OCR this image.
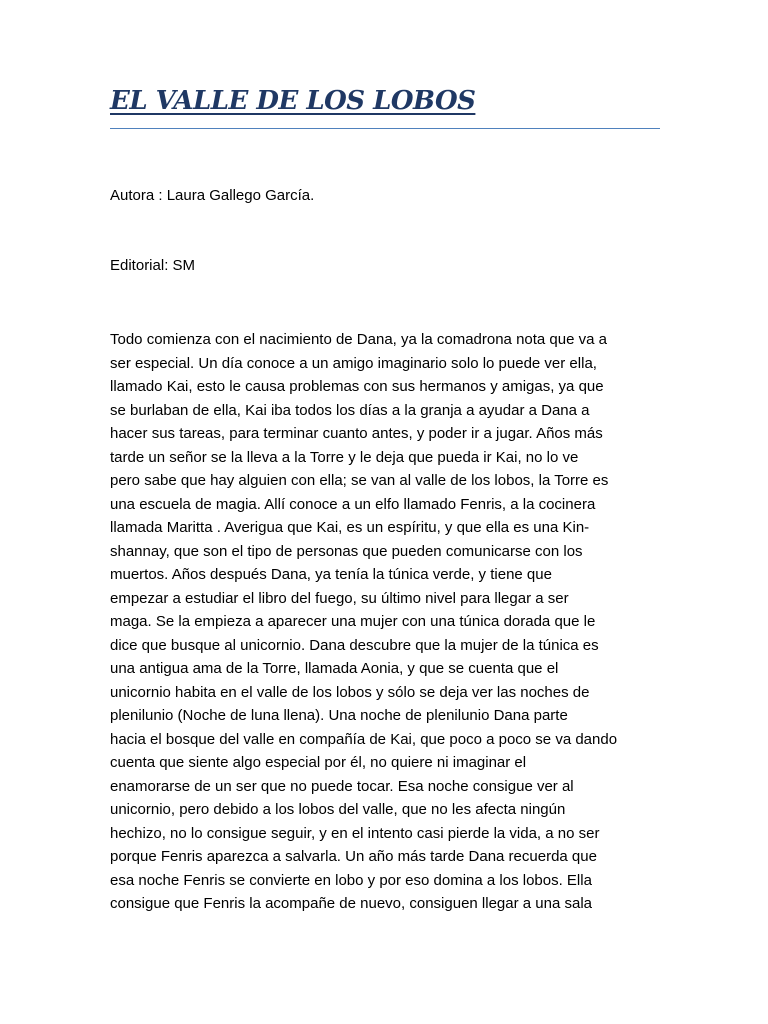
EL VALLE DE LOS LOBOS

Autora : Laura Gallego García.

Editorial: SM

Todo comienza con el nacimiento de Dana, ya la comadrona nota que va a
ser especial. Un día conoce a un amigo imaginario solo lo puede ver ella,
llamado Kai, esto le causa problemas con sus hermanos y amigas, ya que
se burlaban de ella, Kai iba todos los días a la granja a ayudar a Dana a
hacer sus tareas, para terminar cuanto antes, y poder ir a jugar. Años más
tarde un señor se la lleva a la Torre y le deja que pueda ir Kai, no lo ve
pero sabe que hay alguien con ella; se van al valle de los lobos, la Torre es
una escuela de magia. Allí conoce a un elfo llamado Fenris, a la cocinera
llamada Maritta . Averigua que Kai, es un espíritu, y que ella es una Kin-
shannay, que son el tipo de personas que pueden comunicarse con los
muertos. Años después Dana, ya tenía la túnica verde, y tiene que
empezar a estudiar el libro del fuego, su último nivel para llegar a ser
maga. Se la empieza a aparecer una mujer con una túnica dorada que le
dice que busque al unicornio. Dana descubre que la mujer de la túnica es
una antigua ama de la Torre, llamada Aonia, y que se cuenta que el
unicornio habita en el valle de los lobos y sólo se deja ver las noches de
plenilunio (Noche de luna llena). Una noche de plenilunio Dana parte
hacia el bosque del valle en compañía de Kai, que poco a poco se va dando
cuenta que siente algo especial por él, no quiere ni imaginar el
enamorarse de un ser que no puede tocar. Esa noche consigue ver al
unicornio, pero debido a los lobos del valle, que no les afecta ningún
hechizo, no lo consigue seguir, y en el intento casi pierde la vida, a no ser
porque Fenris aparezca a salvarla. Un año más tarde Dana recuerda que
esa noche Fenris se convierte en lobo y por eso domina a los lobos. Ella
consigue que Fenris la acompañe de nuevo, consiguen llegar a una sala
